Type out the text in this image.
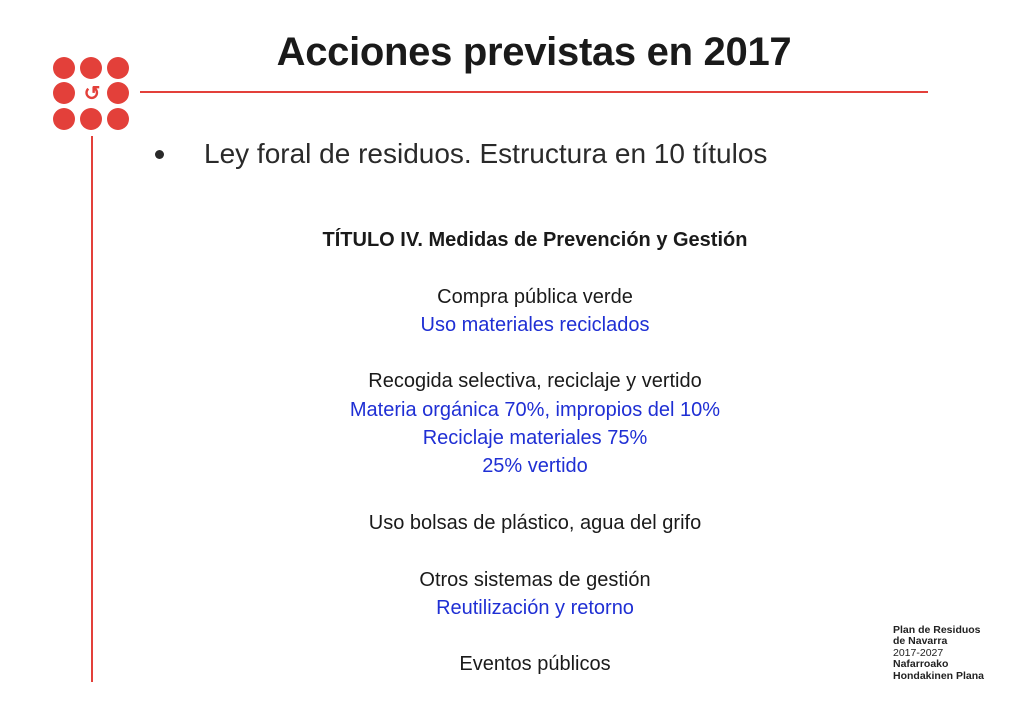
↺
Acciones previstas en 2017
Ley foral de residuos. Estructura en 10 títulos
TÍTULO IV. Medidas de Prevención y Gestión
Compra pública verde
Uso materiales reciclados
Recogida selectiva, reciclaje y vertido
Materia orgánica 70%, impropios del 10%
Reciclaje materiales 75%
25% vertido
Uso bolsas de plástico, agua del grifo
Otros sistemas de gestión
Reutilización y retorno
Eventos públicos
Plan de Residuos
de Navarra
2017-2027
Nafarroako
Hondakinen Plana
